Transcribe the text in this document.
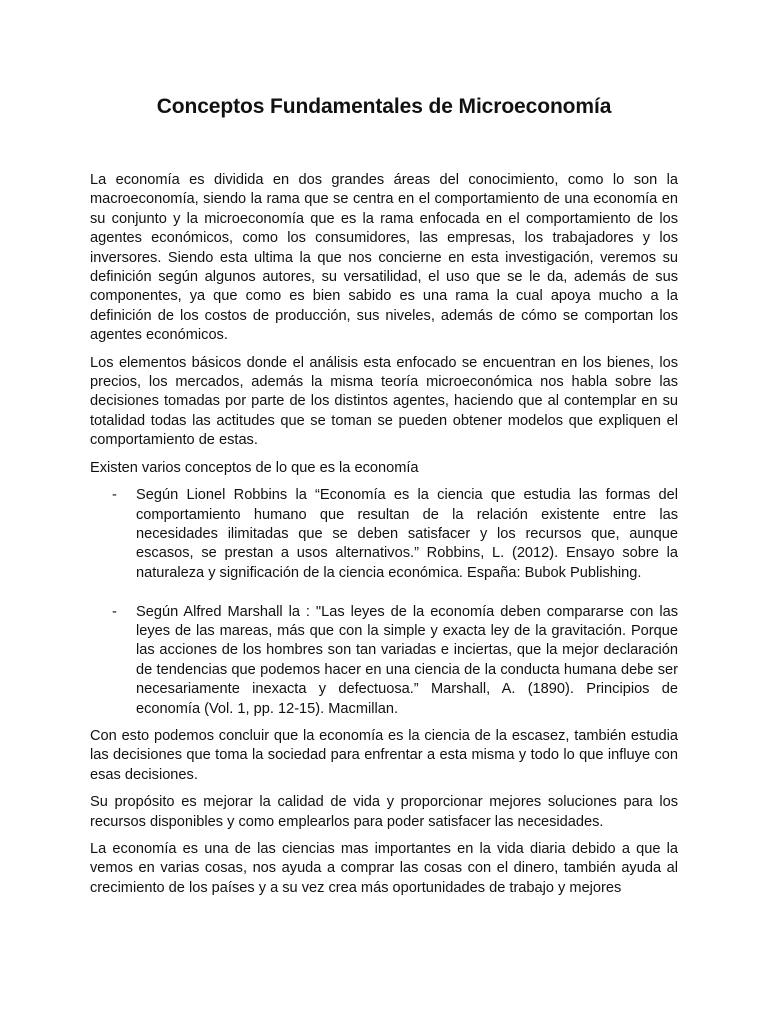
Conceptos Fundamentales de Microeconomía

La economía es dividida en dos grandes áreas del conocimiento, como lo son la macroeconomía, siendo la rama que se centra en el comportamiento de una economía en su conjunto y la microeconomía que es la rama enfocada en el comportamiento de los agentes económicos, como los consumidores, las empresas, los trabajadores y los inversores. Siendo esta ultima la que nos concierne en esta investigación, veremos su definición según algunos autores, su versatilidad, el uso que se le da, además de sus componentes, ya que como es bien sabido es una rama la cual apoya mucho a la definición de los costos de producción, sus niveles, además de cómo se comportan los agentes económicos.

Los elementos básicos donde el análisis esta enfocado se encuentran en los bienes, los precios, los mercados, además la misma teoría microeconómica nos habla sobre las decisiones tomadas por parte de los distintos agentes, haciendo que al contemplar en su totalidad todas las actitudes que se toman se pueden obtener modelos que expliquen el comportamiento de estas.

Existen varios conceptos de lo que es la economía

- Según Lionel Robbins la “Economía es la ciencia que estudia las formas del comportamiento humano que resultan de la relación existente entre las necesidades ilimitadas que se deben satisfacer y los recursos que, aunque escasos, se prestan a usos alternativos.” Robbins, L. (2012). Ensayo sobre la naturaleza y significación de la ciencia económica. España: Bubok Publishing.
- Según Alfred Marshall la : "Las leyes de la economía deben compararse con las leyes de las mareas, más que con la simple y exacta ley de la gravitación. Porque las acciones de los hombres son tan variadas e inciertas, que la mejor declaración de tendencias que podemos hacer en una ciencia de la conducta humana debe ser necesariamente inexacta y defectuosa.” Marshall, A. (1890). Principios de economía (Vol. 1, pp. 12-15). Macmillan.

Con esto podemos concluir que la economía es la ciencia de la escasez, también estudia las decisiones que toma la sociedad para enfrentar a esta misma y todo lo que influye con esas decisiones.

Su propósito es mejorar la calidad de vida y proporcionar mejores soluciones para los recursos disponibles y como emplearlos para poder satisfacer las necesidades.

La economía es una de las ciencias mas importantes en la vida diaria debido a que la vemos en varias cosas, nos ayuda a comprar las cosas con el dinero, también ayuda al crecimiento de los países y a su vez crea más oportunidades de trabajo y mejores
